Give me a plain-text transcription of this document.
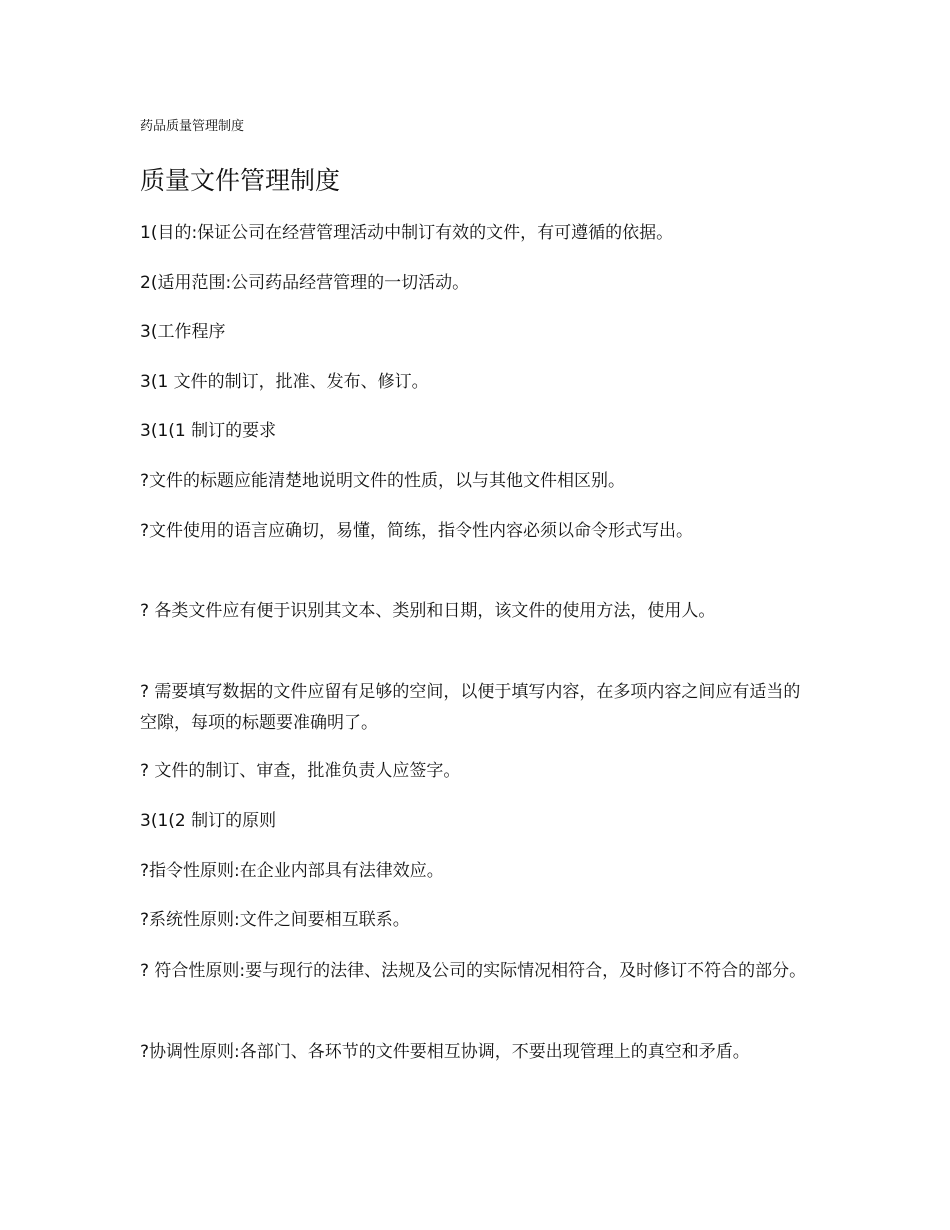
药品质量管理制度
质量文件管理制度

1(目的:保证公司在经营管理活动中制订有效的文件，有可遵循的依据。

2(适用范围:公司药品经营管理的一切活动。

3(工作程序

3(1 文件的制订，批准、发布、修订。

3(1(1 制订的要求

?文件的标题应能清楚地说明文件的性质，以与其他文件相区别。

?文件使用的语言应确切，易懂，简练，指令性内容必须以命令形式写出。

? 各类文件应有便于识别其文本、类别和日期，该文件的使用方法，使用人。

? 需要填写数据的文件应留有足够的空间，以便于填写内容，在多项内容之间应有适当的空隙，每项的标题要准确明了。

? 文件的制订、审查，批准负责人应签字。

3(1(2 制订的原则

?指令性原则:在企业内部具有法律效应。

?系统性原则:文件之间要相互联系。

? 符合性原则:要与现行的法律、法规及公司的实际情况相符合，及时修订不符合的部分。

?协调性原则:各部门、各环节的文件要相互协调，不要出现管理上的真空和矛盾。
